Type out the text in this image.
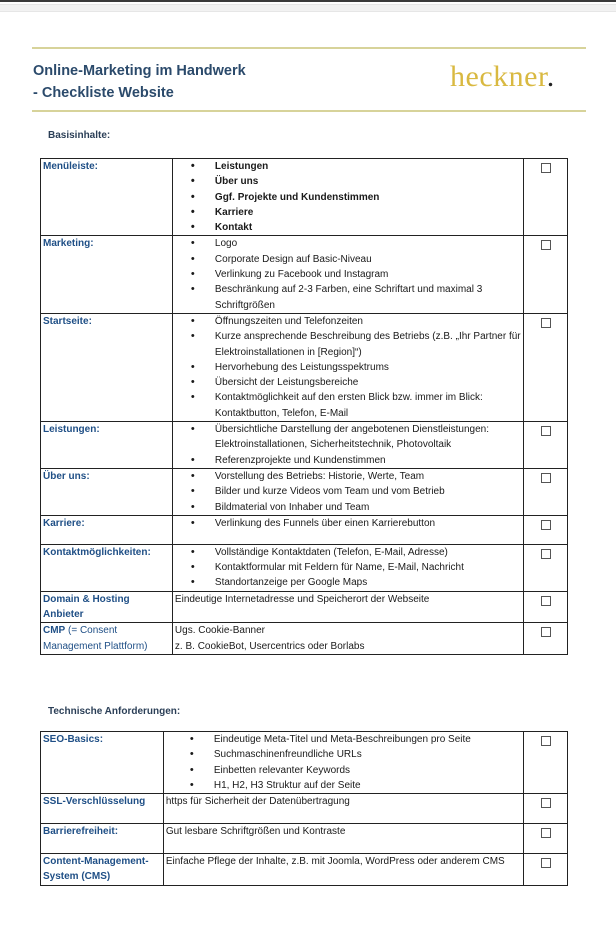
Online-Marketing im Handwerk
- Checkliste Website	heckner.
Basisinhalte:
Menüleiste:	
•Leistungen
• Über uns
• Ggf. Projekte und Kundenstimmen
• Karriere
• Kontakt

Marketing:	
•Logo
• Corporate Design auf Basic-Niveau
• Verlinkung zu Facebook und Instagram
• Beschränkung auf 2-3 Farben, eine Schriftart und maximal 3 Schriftgrößen

Startseite:	
•Öffnungszeiten und Telefonzeiten
• Kurze ansprechende Beschreibung des Betriebs (z.B. „Ihr Partner für Elektroinstallationen in [Region]“)
• Hervorhebung des Leistungsspektrums
• Übersicht der Leistungsbereiche
• Kontaktmöglichkeit auf den ersten Blick bzw. immer im Blick: Kontaktbutton, Telefon, E-Mail

Leistungen:	
•Übersichtliche Darstellung der angebotenen Dienstleistungen: Elektroinstallationen, Sicherheitstechnik, Photovoltaik
• Referenzprojekte und Kundenstimmen

Über uns:	
•Vorstellung des Betriebs: Historie, Werte, Team
• Bilder und kurze Videos vom Team und vom Betrieb
• Bildmaterial von Inhaber und Team

Karriere:	
•Verlinkung des Funnels über einen Karrierebutton

Kontaktmöglichkeiten:	
•Vollständige Kontaktdaten (Telefon, E-Mail, Adresse)
• Kontaktformular mit Feldern für Name, E-Mail, Nachricht
• Standortanzeige per Google Maps

Domain & Hosting Anbieter	Eindeutige Internetadresse und Speicherort der Webseite	
CMP (= Consent Management Plattform)	Ugs. Cookie-Banner
z. B. CookieBot, Usercentrics oder Borlabs	

Technische Anforderungen:
SEO-Basics:	
•Eindeutige Meta-Titel und Meta-Beschreibungen pro Seite
• Suchmaschinenfreundliche URLs
• Einbetten relevanter Keywords
• H1, H2, H3 Struktur auf der Seite

SSL-Verschlüsselung	https für Sicherheit der Datenübertragung	
Barrierefreiheit:	Gut lesbare Schriftgrößen und Kontraste	
Content-Management-System (CMS)	Einfache Pflege der Inhalte, z.B. mit Joomla, WordPress oder anderem CMS	
